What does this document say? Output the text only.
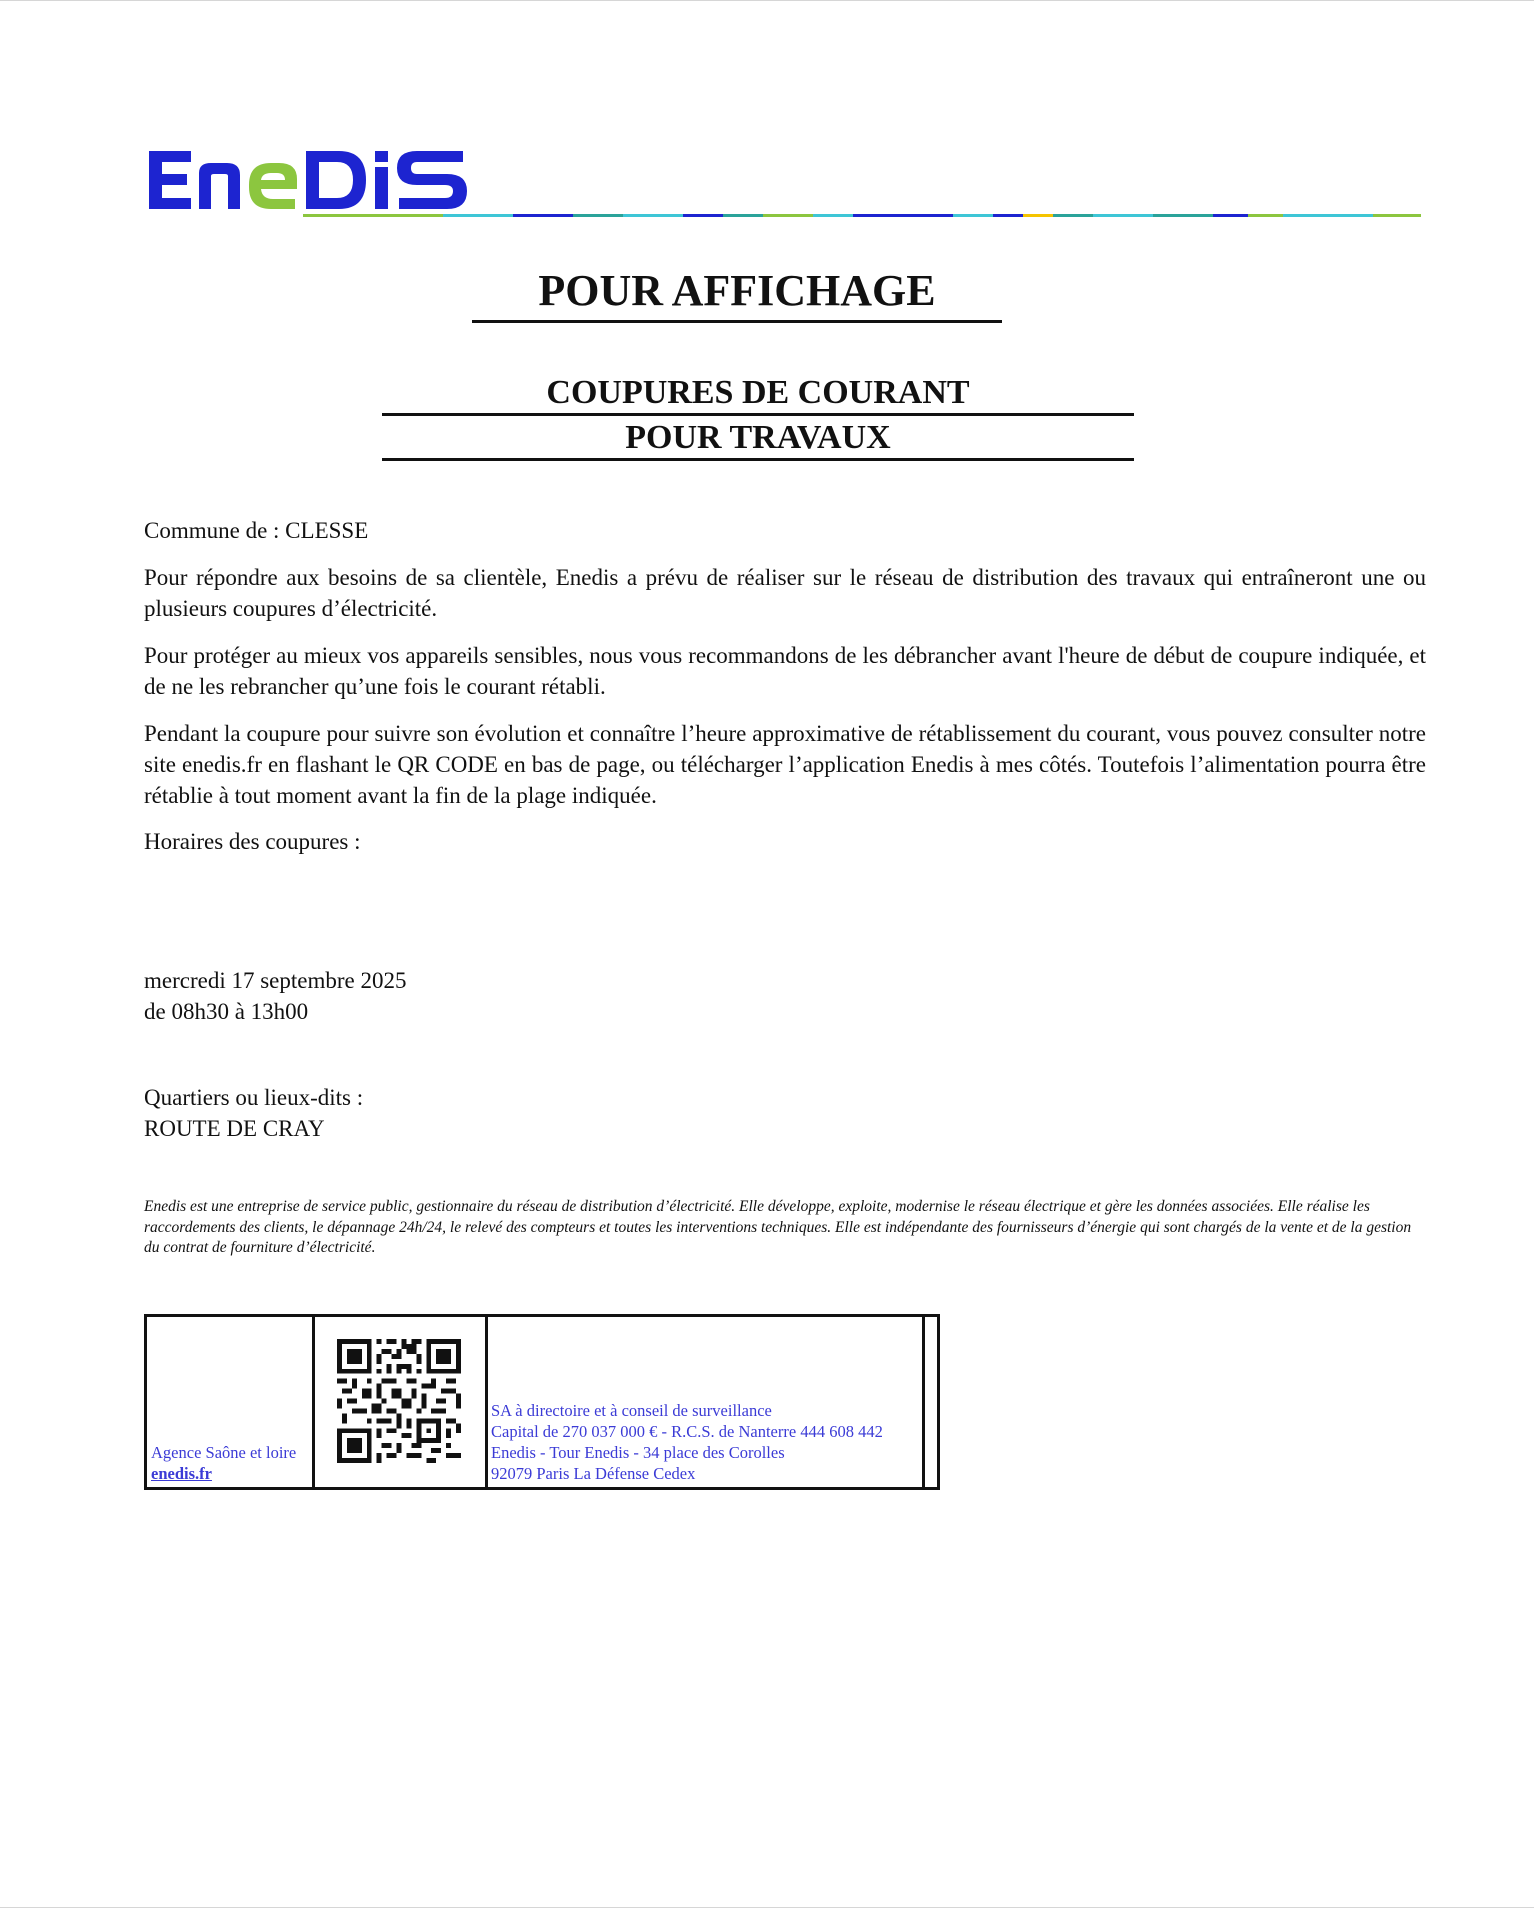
POUR AFFICHAGE
COUPURES DE COURANT
POUR TRAVAUX

Commune de : CLESSE

Pour répondre aux besoins de sa clientèle, Enedis a prévu de réaliser sur le réseau de distribution des travaux qui entraîneront une ou plusieurs coupures d’électricité.

Pour protéger au mieux vos appareils sensibles, nous vous recommandons de les débrancher avant l'heure de début de coupure indiquée, et de ne les rebrancher qu’une fois le courant rétabli.

Pendant la coupure pour suivre son évolution et connaître l’heure approximative de rétablissement du courant, vous pouvez consulter notre site enedis.fr en flashant le QR CODE en bas de page, ou télécharger l’application Enedis à mes côtés. Toutefois l’alimentation pourra être rétablie à tout moment avant la fin de la plage indiquée.

Horaires des coupures :

mercredi 17 septembre 2025

de 08h30 à 13h00

Quartiers ou lieux-dits :

ROUTE DE CRAY

Enedis est une entreprise de service public, gestionnaire du réseau de distribution d’électricité. Elle développe, exploite, modernise le réseau électrique et gère les données associées. Elle réalise les raccordements des clients, le dépannage 24h/24, le relevé des compteurs et toutes les interventions techniques. Elle est indépendante des fournisseurs d’énergie qui sont chargés de la vente et de la gestion du contrat de fourniture d’électricité.

Agence Saône et loire
enedis.fr
SA à directoire et à conseil de surveillance
Capital de 270 037 000 € - R.C.S. de Nanterre 444 608 442
Enedis - Tour Enedis - 34 place des Corolles
92079 Paris La Défense Cedex
